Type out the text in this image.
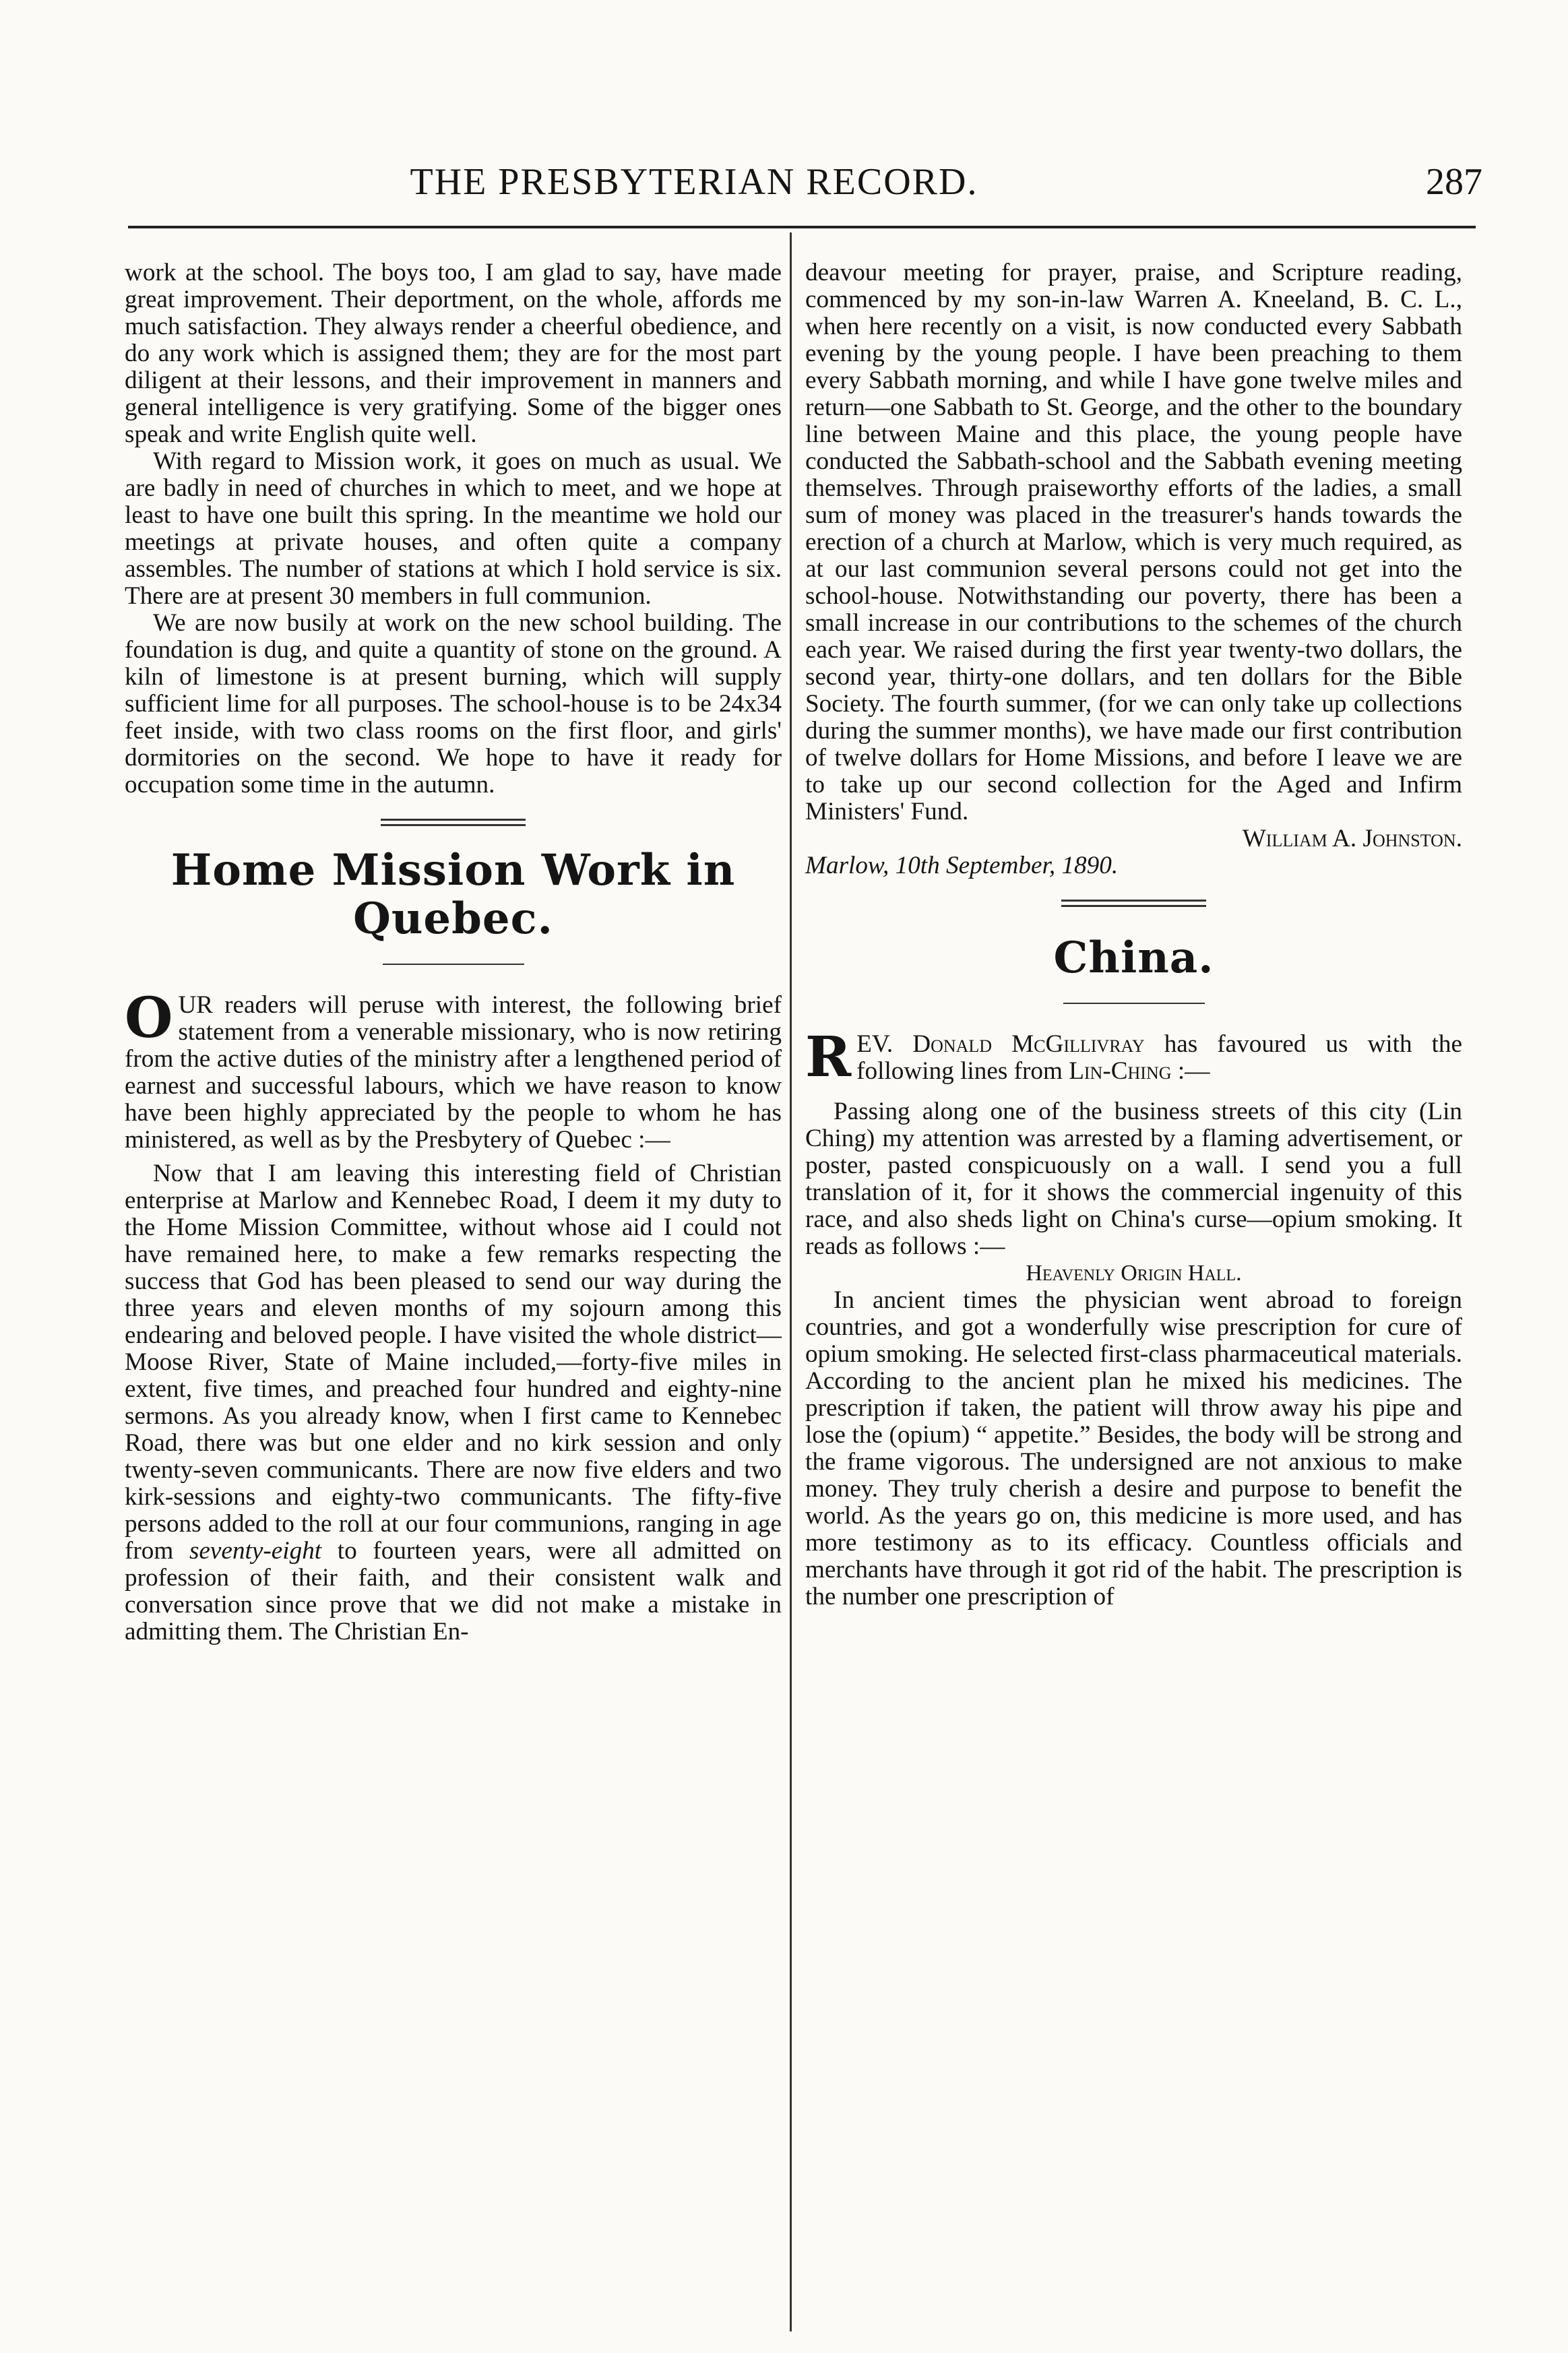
THE PRESBYTERIAN RECORD.	287

work at the school. The boys too, I am glad to say, have made great improvement. Their deportment, on the whole, affords me much satisfaction. They always render a cheerful obedience, and do any work which is assigned them; they are for the most part diligent at their lessons, and their improvement in manners and general intelligence is very gratifying. Some of the bigger ones speak and write English quite well.

With regard to Mission work, it goes on much as usual. We are badly in need of churches in which to meet, and we hope at least to have one built this spring. In the meantime we hold our meetings at private houses, and often quite a company assembles. The number of stations at which I hold service is six. There are at present 30 members in full communion.

We are now busily at work on the new school building. The foundation is dug, and quite a quantity of stone on the ground. A kiln of limestone is at present burning, which will supply sufficient lime for all purposes. The school-house is to be 24x34 feet inside, with two class rooms on the first floor, and girls' dormitories on the second. We hope to have it ready for occupation some time in the autumn.

Home Mission Work in Quebec.

OUR readers will peruse with interest, the following brief statement from a venerable missionary, who is now retiring from the active duties of the ministry after a lengthened period of earnest and successful labours, which we have reason to know have been highly appreciated by the people to whom he has ministered, as well as by the Presbytery of Quebec :—

Now that I am leaving this interesting field of Christian enterprise at Marlow and Kennebec Road, I deem it my duty to the Home Mission Committee, without whose aid I could not have remained here, to make a few remarks respecting the success that God has been pleased to send our way during the three years and eleven months of my sojourn among this endearing and beloved people. I have visited the whole district—Moose River, State of Maine included,—forty-five miles in extent, five times, and preached four hundred and eighty-nine sermons. As you already know, when I first came to Kennebec Road, there was but one elder and no kirk session and only twenty-seven communicants. There are now five elders and two kirk-sessions and eighty-two communicants. The fifty-five persons added to the roll at our four communions, ranging in age from seventy-eight to fourteen years, were all admitted on profession of their faith, and their consistent walk and conversation since prove that we did not make a mistake in admitting them. The Christian En-

deavour meeting for prayer, praise, and Scripture reading, commenced by my son-in-law Warren A. Kneeland, B. C. L., when here recently on a visit, is now conducted every Sabbath evening by the young people. I have been preaching to them every Sabbath morning, and while I have gone twelve miles and return—one Sabbath to St. George, and the other to the boundary line between Maine and this place, the young people have conducted the Sabbath-school and the Sabbath evening meeting themselves. Through praiseworthy efforts of the ladies, a small sum of money was placed in the treasurer's hands towards the erection of a church at Marlow, which is very much required, as at our last communion several persons could not get into the school-house. Notwithstanding our poverty, there has been a small increase in our contributions to the schemes of the church each year. We raised during the first year twenty-two dollars, the second year, thirty-one dollars, and ten dollars for the Bible Society. The fourth summer, (for we can only take up collections during the summer months), we have made our first contribution of twelve dollars for Home Missions, and before I leave we are to take up our second collection for the Aged and Infirm Ministers' Fund.

William A. Johnston.

Marlow, 10th September, 1890.

China.

REV. Donald McGillivray has favoured us with the following lines from Lin-Ching :—

Passing along one of the business streets of this city (Lin Ching) my attention was arrested by a flaming advertisement, or poster, pasted conspicuously on a wall. I send you a full translation of it, for it shows the commercial ingenuity of this race, and also sheds light on China's curse—opium smoking. It reads as follows :—

Heavenly Origin Hall.

In ancient times the physician went abroad to foreign countries, and got a wonderfully wise prescription for cure of opium smoking. He selected first-class pharmaceutical materials. According to the ancient plan he mixed his medicines. The prescription if taken, the patient will throw away his pipe and lose the (opium) “ appetite.” Besides, the body will be strong and the frame vigorous. The undersigned are not anxious to make money. They truly cherish a desire and purpose to benefit the world. As the years go on, this medicine is more used, and has more testimony as to its efficacy. Countless officials and merchants have through it got rid of the habit. The prescription is the number one prescription of
